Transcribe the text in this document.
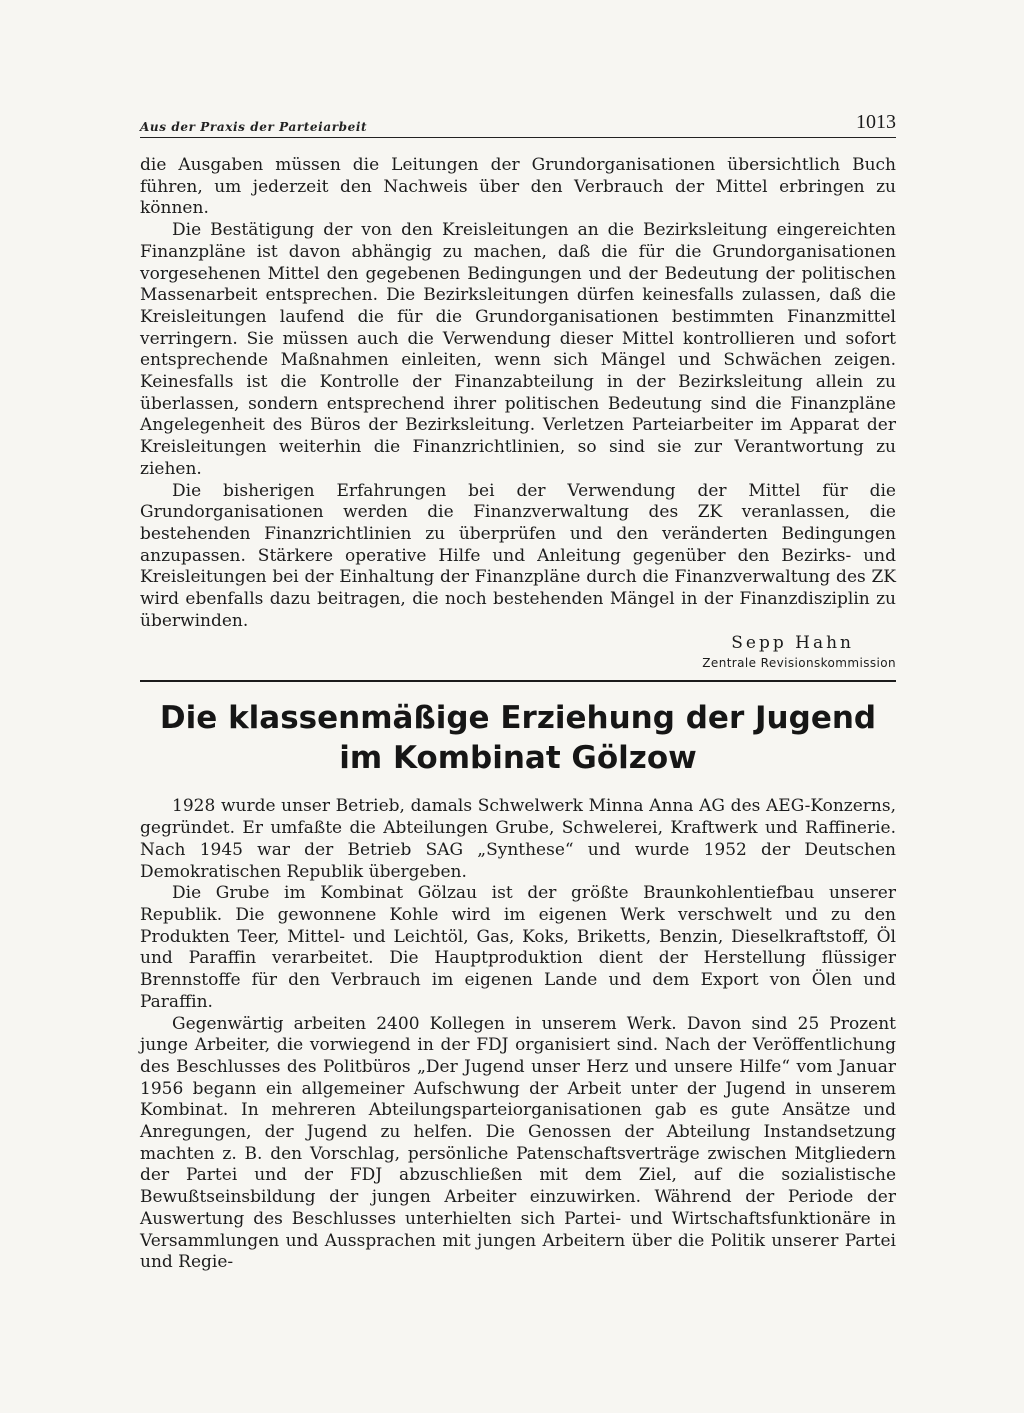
Aus der Praxis der Parteiarbeit	1013

die Ausgaben müssen die Leitungen der Grundorganisationen übersichtlich Buch führen, um jederzeit den Nachweis über den Verbrauch der Mittel erbringen zu können.

Die Bestätigung der von den Kreisleitungen an die Bezirksleitung eingereichten Finanzpläne ist davon abhängig zu machen, daß die für die Grundorganisationen vorgesehenen Mittel den gegebenen Bedingungen und der Bedeutung der politischen Massenarbeit entsprechen. Die Bezirksleitungen dürfen keinesfalls zulassen, daß die Kreisleitungen laufend die für die Grundorganisationen bestimmten Finanzmittel verringern. Sie müssen auch die Verwendung dieser Mittel kontrollieren und sofort entsprechende Maßnahmen einleiten, wenn sich Mängel und Schwächen zeigen. Keinesfalls ist die Kontrolle der Finanzabteilung in der Bezirksleitung allein zu überlassen, sondern entsprechend ihrer politischen Bedeutung sind die Finanzpläne Angelegenheit des Büros der Bezirksleitung. Verletzen Parteiarbeiter im Apparat der Kreisleitungen weiterhin die Finanzrichtlinien, so sind sie zur Verantwortung zu ziehen.

Die bisherigen Erfahrungen bei der Verwendung der Mittel für die Grundorganisationen werden die Finanzverwaltung des ZK veranlassen, die bestehenden Finanzrichtlinien zu überprüfen und den veränderten Bedingungen anzupassen. Stärkere operative Hilfe und Anleitung gegenüber den Bezirks- und Kreisleitungen bei der Einhaltung der Finanzpläne durch die Finanzverwaltung des ZK wird ebenfalls dazu beitragen, die noch bestehenden Mängel in der Finanzdisziplin zu überwinden.

Sepp Hahn
Zentrale Revisionskommission
Die klassenmäßige Erziehung der Jugend
im Kombinat Gölzow

1928 wurde unser Betrieb, damals Schwelwerk Minna Anna AG des AEG-Konzerns, gegründet. Er umfaßte die Abteilungen Grube, Schwelerei, Kraftwerk und Raffinerie. Nach 1945 war der Betrieb SAG „Synthese“ und wurde 1952 der Deutschen Demokratischen Republik übergeben.

Die Grube im Kombinat Gölzau ist der größte Braunkohlentiefbau unserer Republik. Die gewonnene Kohle wird im eigenen Werk verschwelt und zu den Produkten Teer, Mittel- und Leichtöl, Gas, Koks, Briketts, Benzin, Dieselkraftstoff, Öl und Paraffin verarbeitet. Die Hauptproduktion dient der Herstellung flüssiger Brennstoffe für den Verbrauch im eigenen Lande und dem Export von Ölen und Paraffin.

Gegenwärtig arbeiten 2400 Kollegen in unserem Werk. Davon sind 25 Prozent junge Arbeiter, die vorwiegend in der FDJ organisiert sind. Nach der Veröffentlichung des Beschlusses des Politbüros „Der Jugend unser Herz und unsere Hilfe“ vom Januar 1956 begann ein allgemeiner Aufschwung der Arbeit unter der Jugend in unserem Kombinat. In mehreren Abteilungsparteiorganisationen gab es gute Ansätze und Anregungen, der Jugend zu helfen. Die Genossen der Abteilung Instandsetzung machten z. B. den Vorschlag, persönliche Patenschaftsverträge zwischen Mitgliedern der Partei und der FDJ abzuschließen mit dem Ziel, auf die sozialistische Bewußtseinsbildung der jungen Arbeiter einzuwirken. Während der Periode der Auswertung des Beschlusses unterhielten sich Partei- und Wirtschaftsfunktionäre in Versammlungen und Aussprachen mit jungen Arbeitern über die Politik unserer Partei und Regie-
